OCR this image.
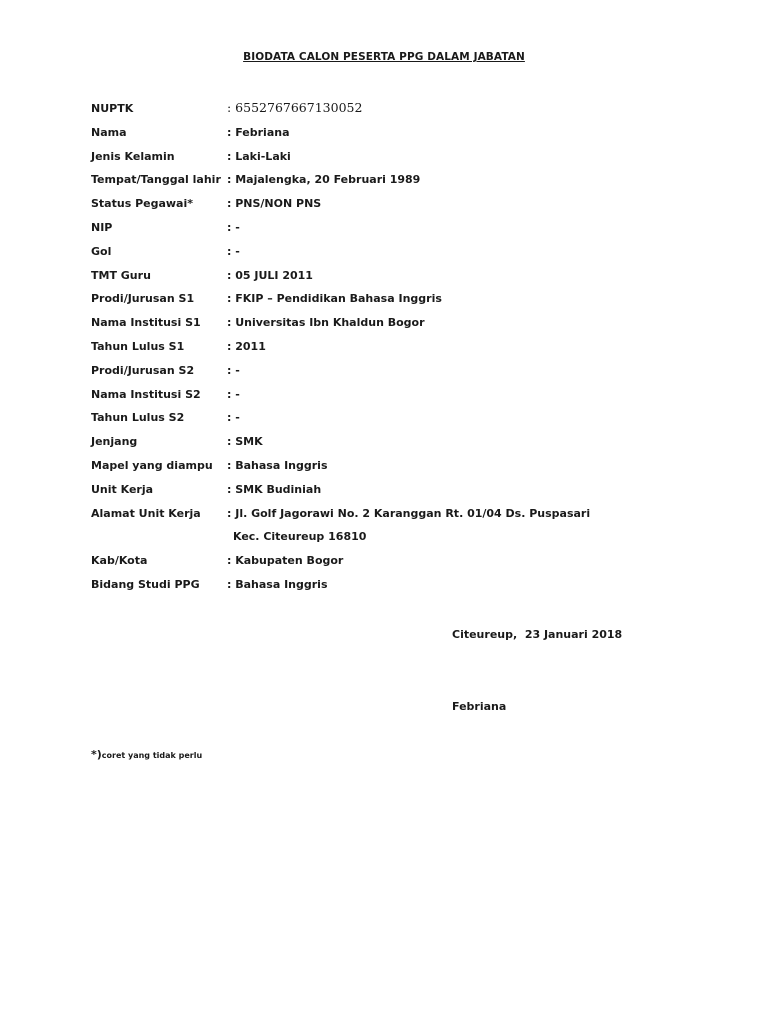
BIODATA CALON PESERTA PPG DALAM JABATAN
NUPTK	: 6552767667130052
Nama	: Febriana
Jenis Kelamin	: Laki-Laki
Tempat/Tanggal lahir : Majalengka, 20 Februari 1989
Status Pegawai*	: PNS/NON PNS
NIP	: -
Gol	: -
TMT Guru	: 05 JULI 2011
Prodi/Jurusan S1	: FKIP – Pendidikan Bahasa Inggris
Nama Institusi S1 : Universitas Ibn Khaldun Bogor
Tahun Lulus S1	: 2011
Prodi/Jurusan S2	: -
Nama Institusi S2 : -
Tahun Lulus S2	: -
Jenjang	: SMK
Mapel yang diampu : Bahasa Inggris
Unit Kerja	: SMK Budiniah
Alamat Unit Kerja : Jl. Golf Jagorawi No. 2 Karanggan Rt. 01/04 Ds. Puspasari
Kec. Citeureup 16810
Kab/Kota	: Kabupaten Bogor
Bidang Studi PPG : Bahasa Inggris
Citeureup,  23 Januari 2018
Febriana
*)coret yang tidak perlu
